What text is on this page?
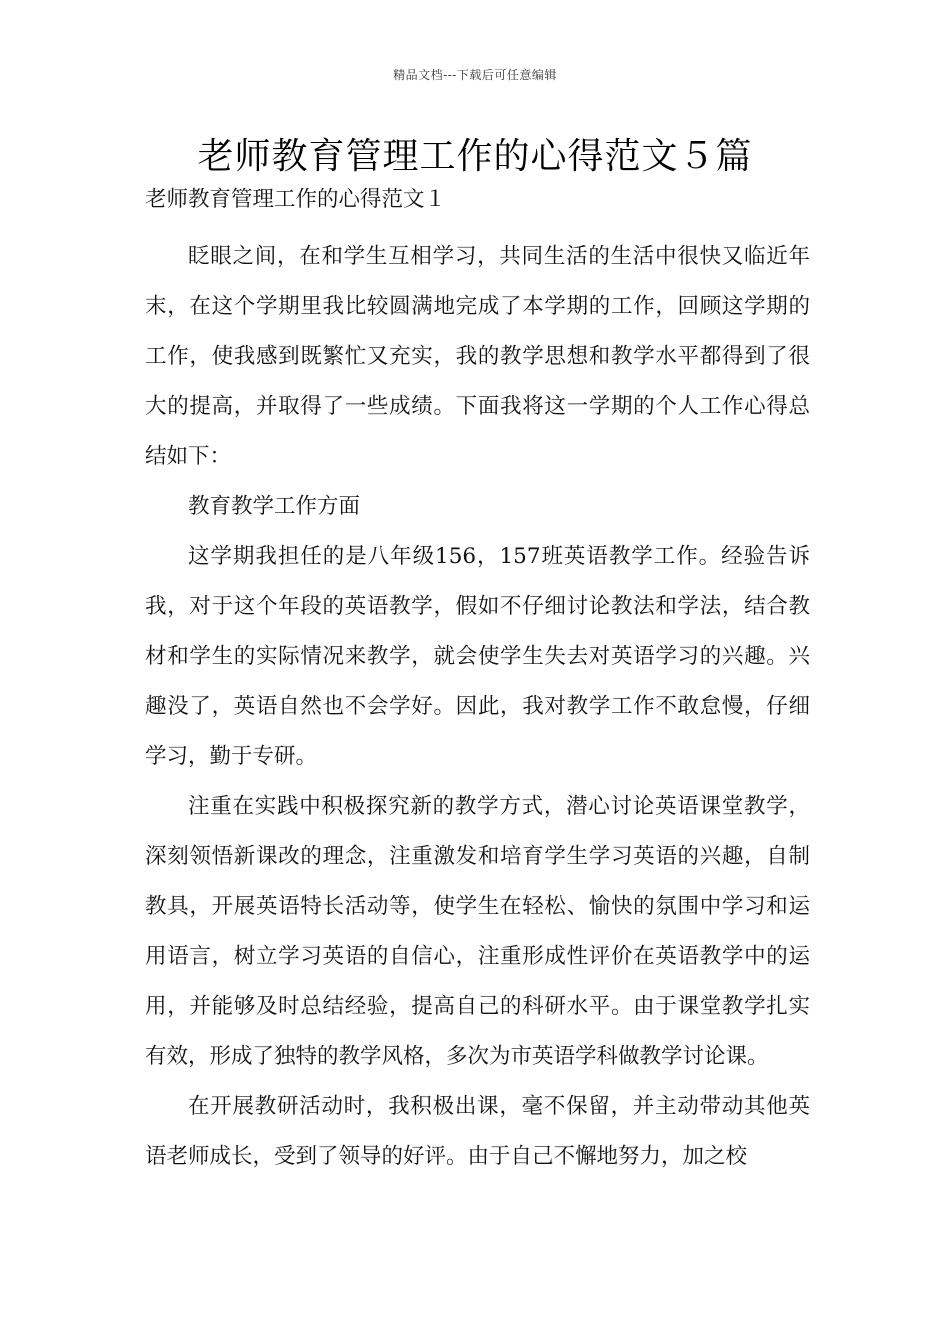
精品文档---下载后可任意编辑
老师教育管理工作的心得范文５篇

老师教育管理工作的心得范文１

眨眼之间，在和学生互相学习，共同生活的生活中很快又临近年末，在这个学期里我比较圆满地完成了本学期的工作，回顾这学期的工作，使我感到既繁忙又充实，我的教学思想和教学水平都得到了很大的提高，并取得了一些成绩。下面我将这一学期的个人工作心得总结如下：

教育教学工作方面

这学期我担任的是八年级156，157班英语教学工作。经验告诉我，对于这个年段的英语教学，假如不仔细讨论教法和学法，结合教材和学生的实际情况来教学，就会使学生失去对英语学习的兴趣。兴趣没了，英语自然也不会学好。因此，我对教学工作不敢怠慢，仔细学习，勤于专研。

注重在实践中积极探究新的教学方式，潜心讨论英语课堂教学，深刻领悟新课改的理念，注重激发和培育学生学习英语的兴趣，自制教具，开展英语特长活动等，使学生在轻松、愉快的氛围中学习和运用语言，树立学习英语的自信心，注重形成性评价在英语教学中的运用，并能够及时总结经验，提高自己的科研水平。由于课堂教学扎实有效，形成了独特的教学风格，多次为市英语学科做教学讨论课。

在开展教研活动时，我积极出课，毫不保留，并主动带动其他英语老师成长，受到了领导的好评。由于自己不懈地努力，加之校
